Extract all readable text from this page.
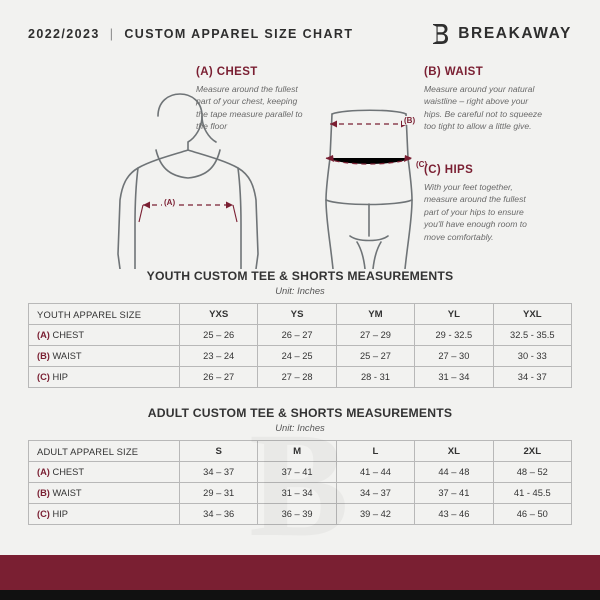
2022/2023 | CUSTOM APPAREL SIZE CHART	BREAKAWAY
(A)
(B)
(C)
(A) CHEST
Measure around the fullest part of your chest, keeping the tape measure parallel to the floor
(B) WAIST
Measure around your natural waistline – right above your hips. Be careful not to squeeze too tight to allow a little give.
(C) HIPS
With your feet together, measure around the fullest part of your hips to ensure you'll have enough room to move comfortably.
YOUTH CUSTOM TEE & SHORTS MEASUREMENTS
Unit: Inches
YOUTH APPAREL SIZE	YXS	YS	YM	YL	YXL
(A) CHEST	25 – 26	26 – 27	27 – 29	29 - 32.5	32.5 - 35.5
(B) WAIST	23 – 24	24 – 25	25 – 27	27 – 30	30 - 33
(C) HIP	26 – 27	27 – 28	28 - 31	31 – 34	34 - 37
ADULT CUSTOM TEE & SHORTS MEASUREMENTS
Unit: Inches
ADULT APPAREL SIZE	S	M	L	XL	2XL
(A) CHEST	34 – 37	37 – 41	41 – 44	44 – 48	48 – 52
(B) WAIST	29 – 31	31 – 34	34 – 37	37 – 41	41 - 45.5
(C) HIP	34 – 36	36 – 39	39 – 42	43 – 46	46 – 50
